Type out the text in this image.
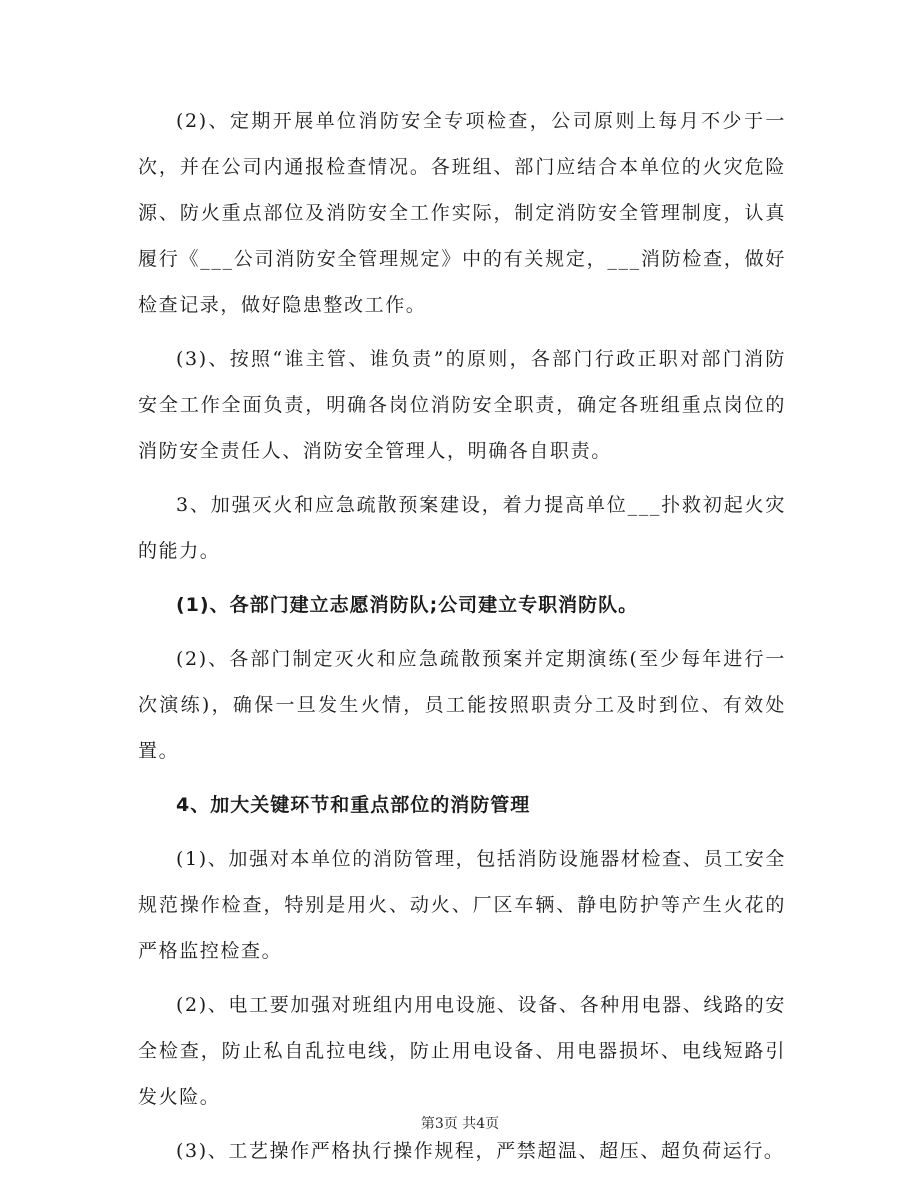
(2)、定期开展单位消防安全专项检查，公司原则上每月不少于一次，并在公司内通报检查情况。各班组、部门应结合本单位的火灾危险源、防火重点部位及消防安全工作实际，制定消防安全管理制度，认真履行《___公司消防安全管理规定》中的有关规定，___消防检查，做好检查记录，做好隐患整改工作。

(3)、按照“谁主管、谁负责”的原则，各部门行政正职对部门消防安全工作全面负责，明确各岗位消防安全职责，确定各班组重点岗位的消防安全责任人、消防安全管理人，明确各自职责。

3、加强灭火和应急疏散预案建设，着力提高单位___扑救初起火灾的能力。

(1)、各部门建立志愿消防队;公司建立专职消防队。

(2)、各部门制定灭火和应急疏散预案并定期演练(至少每年进行一次演练)，确保一旦发生火情，员工能按照职责分工及时到位、有效处置。

4、加大关键环节和重点部位的消防管理

(1)、加强对本单位的消防管理，包括消防设施器材检查、员工安全规范操作检查，特别是用火、动火、厂区车辆、静电防护等产生火花的严格监控检查。

(2)、电工要加强对班组内用电设施、设备、各种用电器、线路的安全检查，防止私自乱拉电线，防止用电设备、用电器损坏、电线短路引发火险。

(3)、工艺操作严格执行操作规程，严禁超温、超压、超负荷运行。

第3页 共4页
